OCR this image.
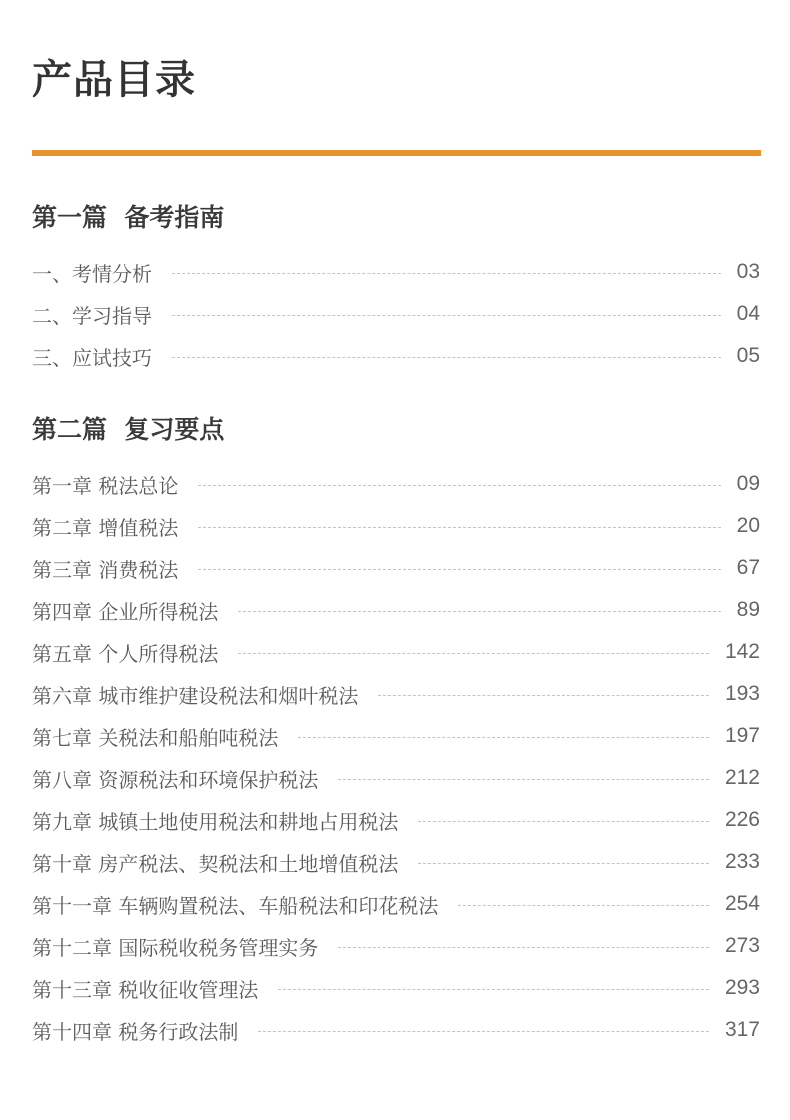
产品目录
第一篇  备考指南
一、考情分析	03
二、学习指导	04
三、应试技巧	05
第二篇  复习要点
第一章 税法总论	09
第二章 增值税法	20
第三章 消费税法	67
第四章 企业所得税法	89
第五章 个人所得税法	142
第六章 城市维护建设税法和烟叶税法	193
第七章 关税法和船舶吨税法	197
第八章 资源税法和环境保护税法	212
第九章 城镇土地使用税法和耕地占用税法	226
第十章 房产税法、契税法和土地增值税法	233
第十一章 车辆购置税法、车船税法和印花税法	254
第十二章 国际税收税务管理实务	273
第十三章 税收征收管理法	293
第十四章 税务行政法制	317
